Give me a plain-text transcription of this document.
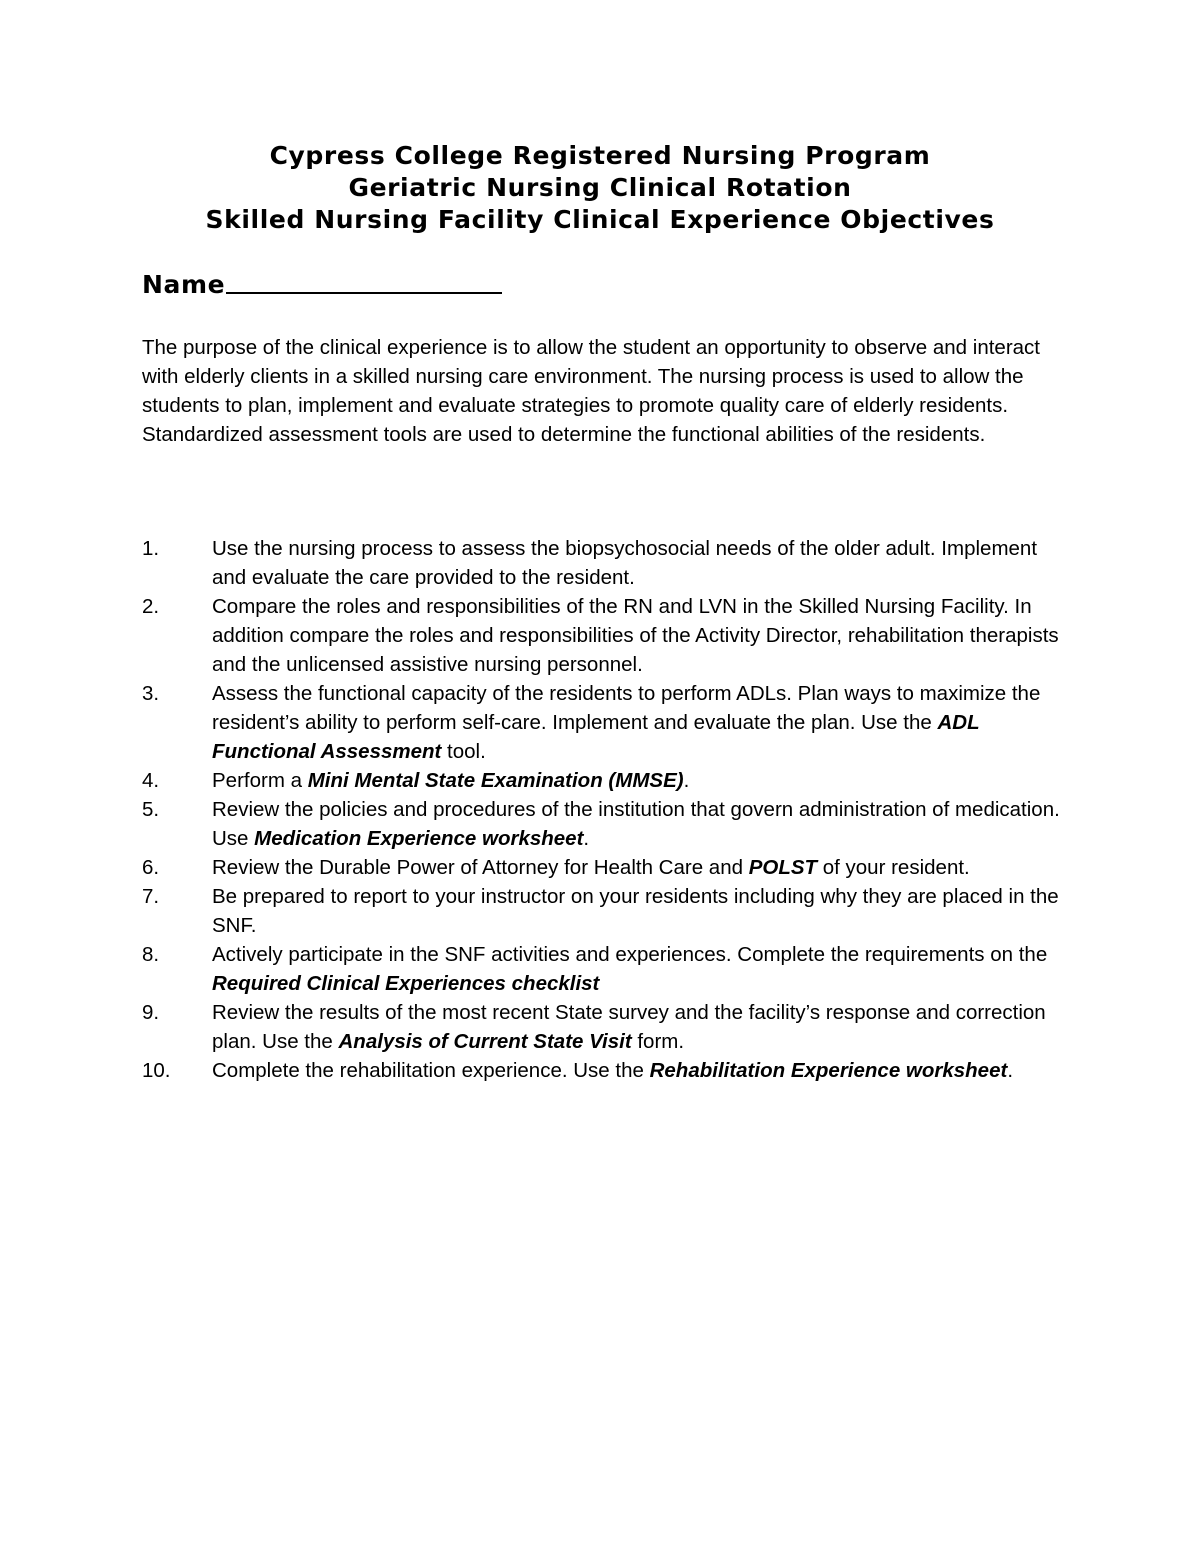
Cypress College Registered Nursing Program
Geriatric Nursing Clinical Rotation
Skilled Nursing Facility Clinical Experience Objectives
Name

The purpose of the clinical experience is to allow the student an opportunity to observe and interact with elderly clients in a skilled nursing care environment. The nursing process is used to allow the students to plan, implement and evaluate strategies to promote quality care of elderly residents. Standardized assessment tools are used to determine the functional abilities of the residents.

1.	Use the nursing process to assess the biopsychosocial needs of the older adult. Implement and evaluate the care provided to the resident.
2.	Compare the roles and responsibilities of the RN and LVN in the Skilled Nursing Facility. In addition compare the roles and responsibilities of the Activity Director, rehabilitation therapists and the unlicensed assistive nursing personnel.
3.	Assess the functional capacity of the residents to perform ADLs. Plan ways to maximize the resident’s ability to perform self-care. Implement and evaluate the plan. Use the ADL Functional Assessment tool.
4.	Perform a Mini Mental State Examination (MMSE).
5.	Review the policies and procedures of the institution that govern administration of medication. Use Medication Experience worksheet.
6.	Review the Durable Power of Attorney for Health Care and POLST of your resident.
7.	Be prepared to report to your instructor on your residents including why they are placed in the SNF.
8.	Actively participate in the SNF activities and experiences. Complete the requirements on the Required Clinical Experiences checklist
9.	Review the results of the most recent State survey and the facility’s response and correction plan. Use the Analysis of Current State Visit form.
10. Complete the rehabilitation experience. Use the Rehabilitation Experience worksheet.
